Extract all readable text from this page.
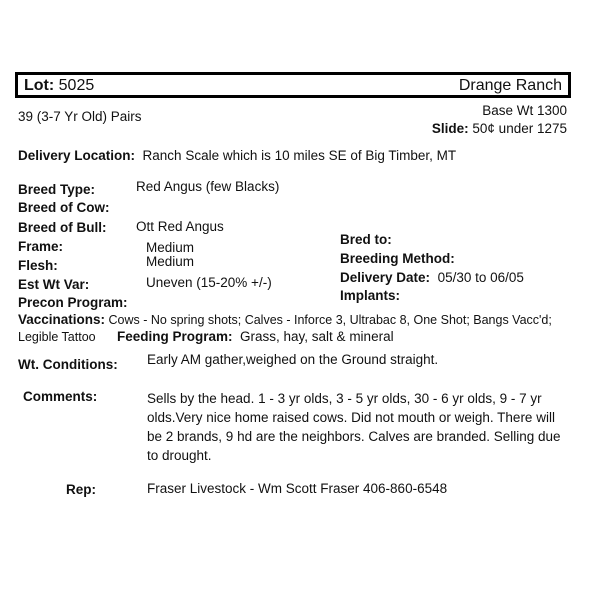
Lot: 5025	Drange Ranch
39 (3-7 Yr Old) Pairs	Base Wt 1300
Slide: 50¢ under 1275
Delivery Location: Ranch Scale which is 10 miles SE of Big Timber, MT
Breed Type:	Red Angus (few Blacks)
Breed of Cow:
Breed of Bull: Ott Red Angus
Frame:	Medium
Flesh:	Medium
Est Wt Var:	Uneven (15-20% +/-)
Precon Program:
Bred to:
Breeding Method:
Delivery Date: 05/30 to 06/05
Implants:
Vaccinations: Cows - No spring shots; Calves - Inforce 3, Ultrabac 8, One Shot; Bangs Vacc'd;
Legible Tattoo Feeding Program: Grass, hay, salt & mineral
Wt. Conditions: Early AM gather,weighed on the Ground straight.
Comments:	Sells by the head. 1 - 3 yr olds, 3 - 5 yr olds, 30 - 6 yr olds, 9 - 7 yr olds.Very nice home raised cows. Did not mouth or weigh. There will be 2 brands, 9 hd are the neighbors. Calves are branded. Selling due to drought.
Rep:	Fraser Livestock - Wm Scott Fraser 406-860-6548
